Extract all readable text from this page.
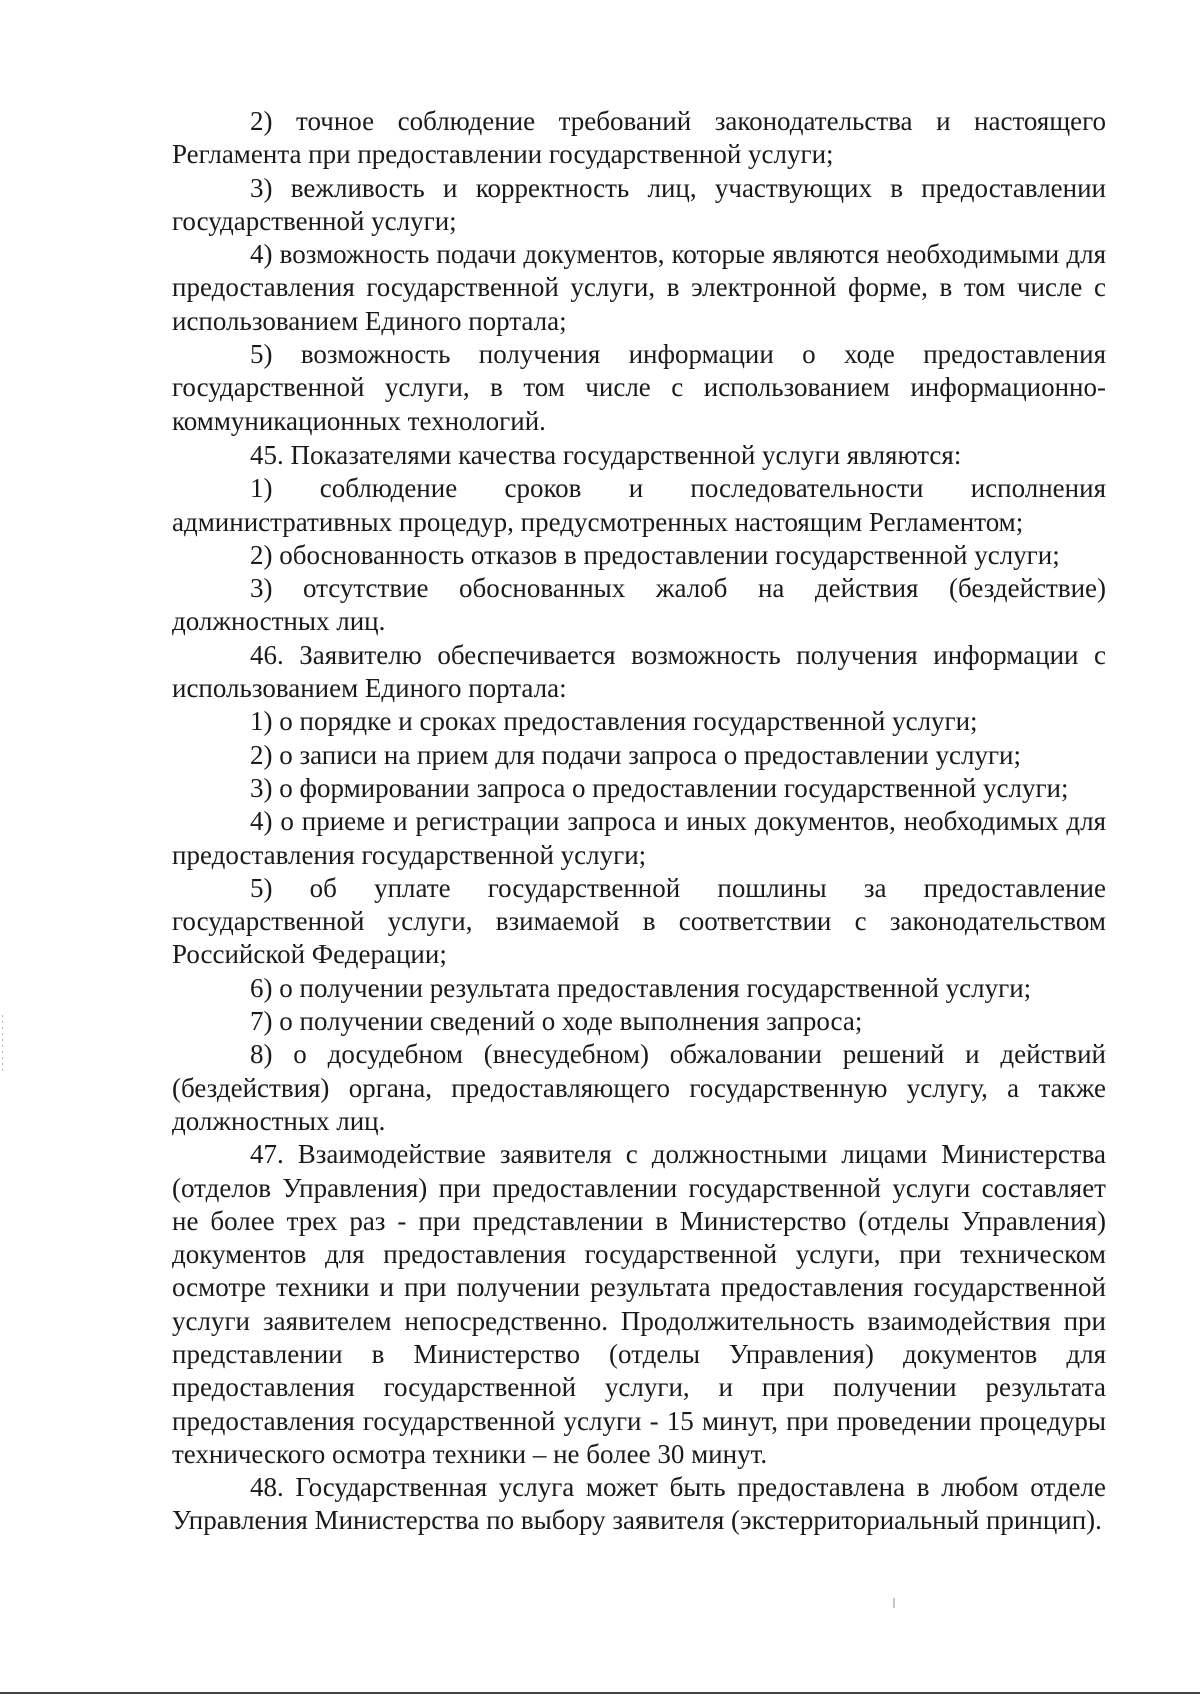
2) точное соблюдение требований законодательства и настоящего Регламента при предоставлении государственной услуги;

3) вежливость и корректность лиц, участвующих в предоставлении государственной услуги;

4) возможность подачи документов, которые являются необходимыми для предоставления государственной услуги, в электронной форме, в том числе с использованием Единого портала;

5) возможность получения информации о ходе предоставления государственной услуги, в том числе с использованием информационно-коммуникационных технологий.

45. Показателями качества государственной услуги являются:

1) соблюдение сроков и последовательности исполнения административных процедур, предусмотренных настоящим Регламентом;

2) обоснованность отказов в предоставлении государственной услуги;

3) отсутствие обоснованных жалоб на действия (бездействие) должностных лиц.

46. Заявителю обеспечивается возможность получения информации с использованием Единого портала:

1) о порядке и сроках предоставления государственной услуги;

2) о записи на прием для подачи запроса о предоставлении услуги;

3) о формировании запроса о предоставлении государственной услуги;

4) о приеме и регистрации запроса и иных документов, необходимых для предоставления государственной услуги;

5) об уплате государственной пошлины за предоставление государственной услуги, взимаемой в соответствии с законодательством Российской Федерации;

6) о получении результата предоставления государственной услуги;

7) о получении сведений о ходе выполнения запроса;

8) о досудебном (внесудебном) обжаловании решений и действий (бездействия) органа, предоставляющего государственную услугу, а также должностных лиц.

47. Взаимодействие заявителя с должностными лицами Министерства (отделов Управления) при предоставлении государственной услуги составляет не более трех раз - при представлении в Министерство (отделы Управления) документов для предоставления государственной услуги, при техническом осмотре техники и при получении результата предоставления государственной услуги заявителем непосредственно. Продолжительность взаимодействия при представлении в Министерство (отделы Управления) документов для предоставления государственной услуги, и при получении результата предоставления государственной услуги - 15 минут, при проведении процедуры технического осмотра техники – не более 30 минут.

48. Государственная услуга может быть предоставлена в любом отделе Управления Министерства по выбору заявителя (экстерриториальный принцип).
